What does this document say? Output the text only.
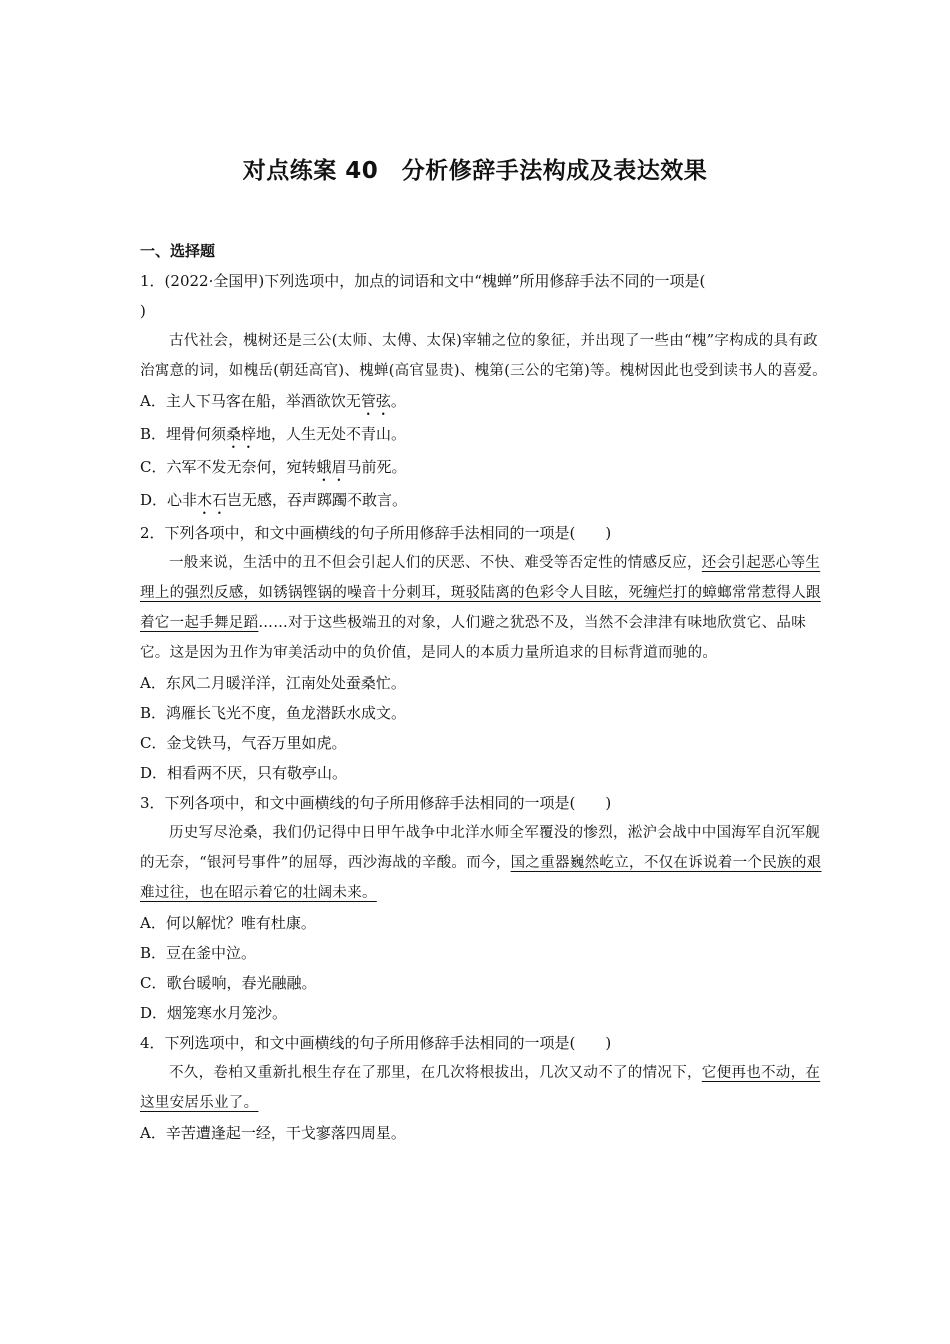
对点练案 40　分析修辞手法构成及表达效果

一、选择题

1．(2022·全国甲)下列选项中，加点的词语和文中“槐蝉”所用修辞手法不同的一项是(
)

古代社会，槐树还是三公(太师、太傅、太保)宰辅之位的象征，并出现了一些由“槐”字构成的具有政治寓意的词，如槐岳(朝廷高官)、槐蝉(高官显贵)、槐第(三公的宅第)等。槐树因此也受到读书人的喜爱。

A．主人下马客在船，举酒欲饮无管弦。

B．埋骨何须桑梓地，人生无处不青山。

C．六军不发无奈何，宛转蛾眉马前死。

D．心非木石岂无感，吞声踯躅不敢言。

2．下列各项中，和文中画横线的句子所用修辞手法相同的一项是(　　)

一般来说，生活中的丑不但会引起人们的厌恶、不快、难受等否定性的情感反应，还会引起恶心等生理上的强烈反感，如锈锅铿锅的噪音十分刺耳，斑驳陆离的色彩令人目眩，死缠烂打的蟑螂常常惹得人跟着它一起手舞足蹈……对于这些极端丑的对象，人们避之犹恐不及，当然不会津津有味地欣赏它、品味它。这是因为丑作为审美活动中的负价值，是同人的本质力量所追求的目标背道而驰的。

A．东风二月暖洋洋，江南处处蚕桑忙。

B．鸿雁长飞光不度，鱼龙潜跃水成文。

C．金戈铁马，气吞万里如虎。

D．相看两不厌，只有敬亭山。

3．下列各项中，和文中画横线的句子所用修辞手法相同的一项是(　　)

历史写尽沧桑，我们仍记得中日甲午战争中北洋水师全军覆没的惨烈，淞沪会战中中国海军自沉军舰的无奈，“银河号事件”的屈辱，西沙海战的辛酸。而今，国之重器巍然屹立，不仅在诉说着一个民族的艰难过往，也在昭示着它的壮阔未来。

A．何以解忧？唯有杜康。

B．豆在釜中泣。

C．歌台暖响，春光融融。

D．烟笼寒水月笼沙。

4．下列选项中，和文中画横线的句子所用修辞手法相同的一项是(　　)

不久，卷柏又重新扎根生存在了那里，在几次将根拔出，几次又动不了的情况下，它便再也不动，在这里安居乐业了。

A．辛苦遭逢起一经，干戈寥落四周星。
